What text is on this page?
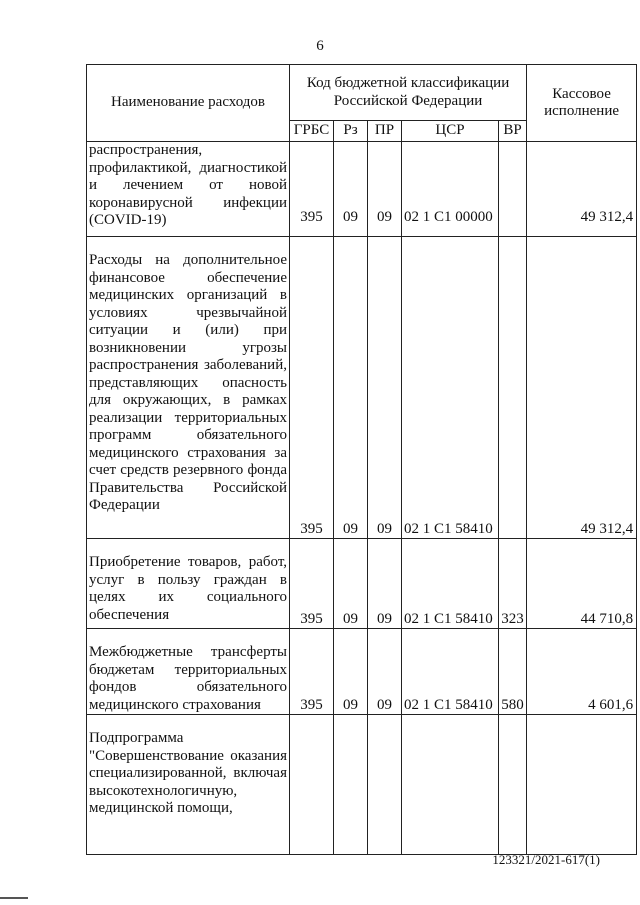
6
Наименование расходов	Код бюджетной классификации Российской Федерации					Кассовое исполнение
	ГРБС	Рз	ПР	ЦСР	ВР	
распространения, профилактикой, диагностикой и лечением от новой коронавирусной инфекции (COVID-19)	395	09	09	02 1 С1 00000		49 312,4
Расходы на дополнительное финансовое обеспечение медицинских организаций в условиях чрезвычайной ситуации и (или) при возникновении угрозы распространения заболеваний, представляющих опасность для окружающих, в рамках реализации территориальных программ обязательного медицинского страхования за счет средств резервного фонда Правительства Российской Федерации	395	09	09	02 1 С1 58410		49 312,4
Приобретение товаров, работ, услуг в пользу граждан в целях их социального обеспечения	395	09	09	02 1 С1 58410	323	44 710,8
Межбюджетные трансферты бюджетам территориальных фондов обязательного медицинского страхования	395	09	09	02 1 С1 58410	580	4 601,6
Подпрограмма "Совершенствование оказания специализированной, включая высокотехнологичную, медицинской помощи,						
123321/2021-617(1)
